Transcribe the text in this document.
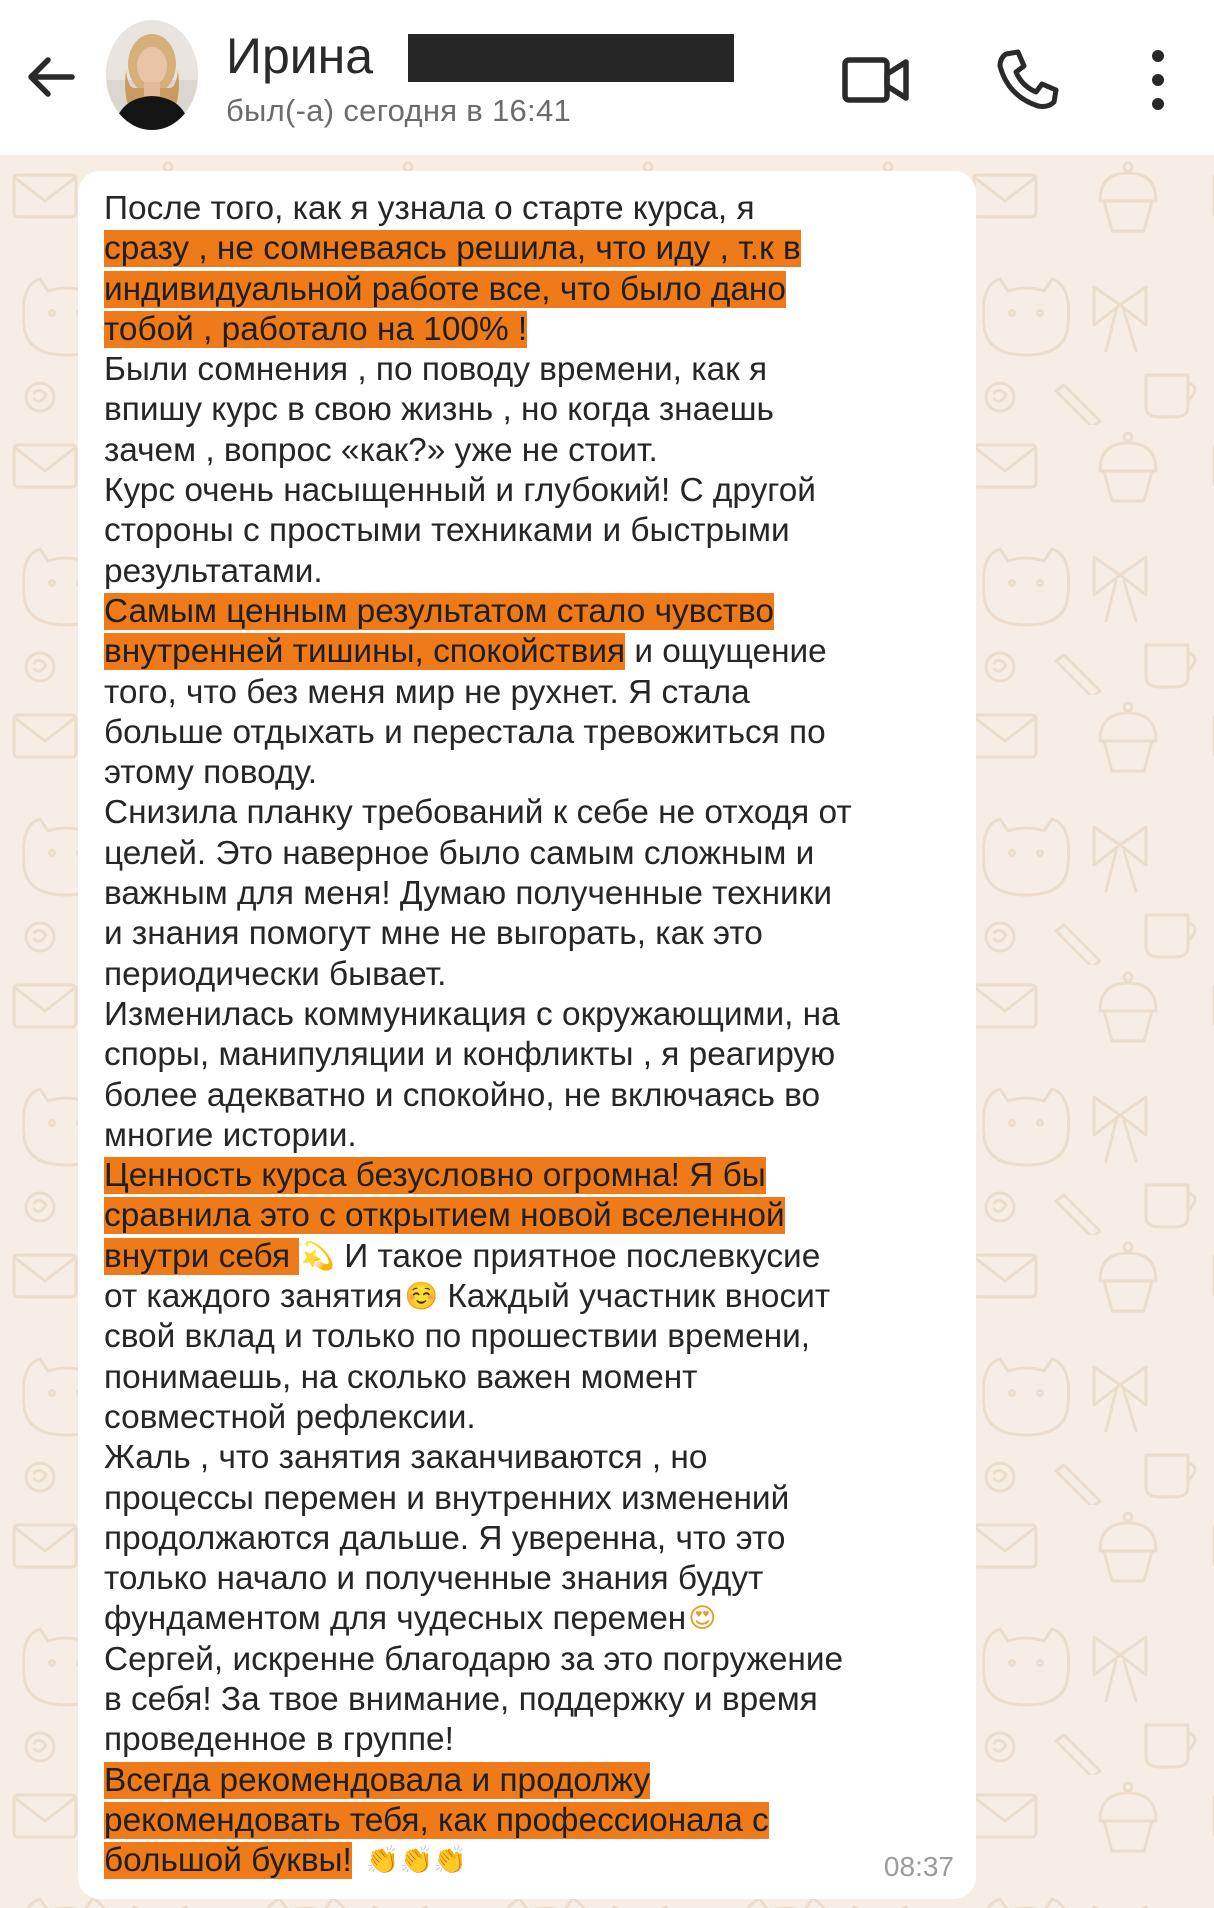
Ирина
был(-а) сегодня в 16:41
После того, как я узнала о старте курса, я
сразу , не сомневаясь решила, что иду , т.к в
индивидуальной работе все, что было дано
тобой , работало на 100% !
Были сомнения , по поводу времени, как я
впишу курс в свою жизнь , но когда знаешь
зачем , вопрос «как?» уже не стоит.
Курс очень насыщенный и глубокий! С другой
стороны с простыми техниками и быстрыми
результатами.
Самым ценным результатом стало чувство
внутренней тишины, спокойствия и ощущение
того, что без меня мир не рухнет. Я стала
больше отдыхать и перестала тревожиться по
этому поводу.
Снизила планку требований к себе не отходя от
целей. Это наверное было самым сложным и
важным для меня! Думаю полученные техники
и знания помогут мне не выгорать, как это
периодически бывает.
Изменилась коммуникация с окружающими, на
споры, манипуляции и конфликты , я реагирую
более адекватно и спокойно, не включаясь во
многие истории.
Ценность курса безусловно огромна! Я бы
сравнила это с открытием новой вселенной
внутри себя 💫 И такое приятное послевкусие
от каждого занятия☺️ Каждый участник вносит
свой вклад и только по прошествии времени,
понимаешь, на сколько важен момент
совместной рефлексии.
Жаль , что занятия заканчиваются , но
процессы перемен и внутренних изменений
продолжаются дальше. Я уверенна, что это
только начало и полученные знания будут
фундаментом для чудесных перемен😍
Сергей, искренне благодарю за это погружение
в себя! За твое внимание, поддержку и время
проведенное в группе!
Всегда рекомендовала и продолжу
рекомендовать тебя, как профессионала с
большой буквы! 👏👏👏	08:37
